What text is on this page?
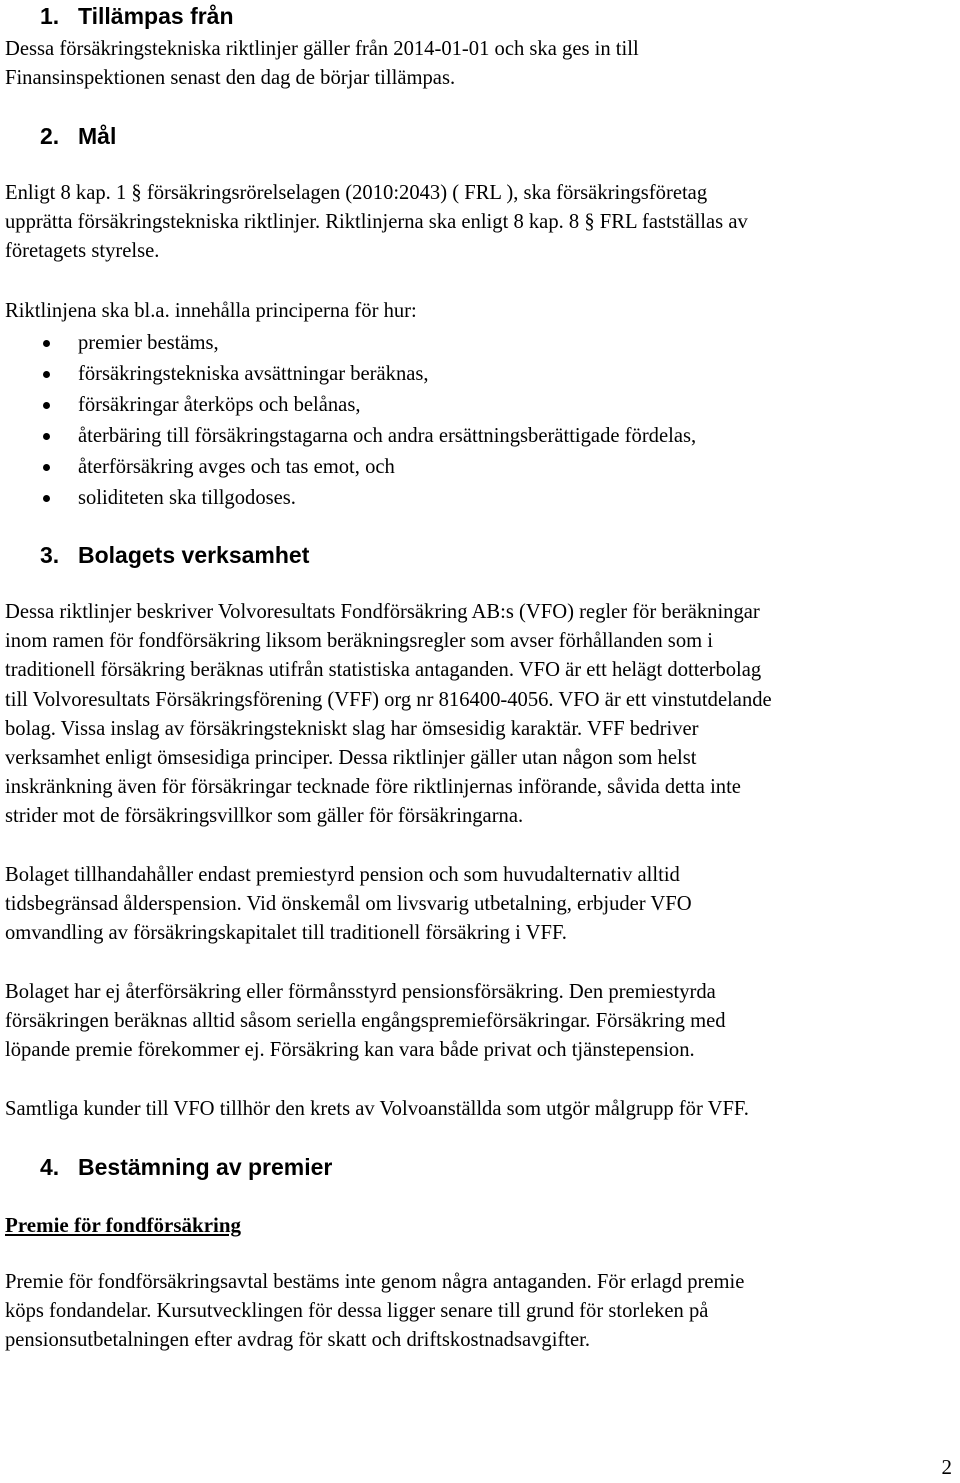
1. Tillämpas från

Dessa försäkringstekniska riktlinjer gäller från 2014-01-01 och ska ges in till
Finansinspektionen senast den dag de börjar tillämpas.

2. Mål

Enligt 8 kap. 1 § försäkringsrörelselagen (2010:2043) ( FRL ), ska försäkringsföretag
upprätta försäkringstekniska riktlinjer. Riktlinjerna ska enligt 8 kap. 8 § FRL fastställas av
företagets styrelse.

Riktlinjena ska bl.a. innehålla principerna för hur:

premier bestäms,
försäkringstekniska avsättningar beräknas,
försäkringar återköps och belånas,
återbäring till försäkringstagarna och andra ersättningsberättigade fördelas,
återförsäkring avges och tas emot, och
soliditeten ska tillgodoses.
3. Bolagets verksamhet

Dessa riktlinjer beskriver Volvoresultats Fondförsäkring AB:s (VFO) regler för beräkningar
inom ramen för fondförsäkring liksom beräkningsregler som avser förhållanden som i
traditionell försäkring beräknas utifrån statistiska antaganden. VFO är ett helägt dotterbolag
till Volvoresultats Försäkringsförening (VFF) org nr 816400-4056. VFO är ett vinstutdelande
bolag. Vissa inslag av försäkringstekniskt slag har ömsesidig karaktär. VFF bedriver
verksamhet enligt ömsesidiga principer. Dessa riktlinjer gäller utan någon som helst
inskränkning även för försäkringar tecknade före riktlinjernas införande, såvida detta inte
strider mot de försäkringsvillkor som gäller för försäkringarna.

Bolaget tillhandahåller endast premiestyrd pension och som huvudalternativ alltid
tidsbegränsad ålderspension. Vid önskemål om livsvarig utbetalning, erbjuder VFO
omvandling av försäkringskapitalet till traditionell försäkring i VFF.

Bolaget har ej återförsäkring eller förmånsstyrd pensionsförsäkring. Den premiestyrda
försäkringen beräknas alltid såsom seriella engångspremieförsäkringar. Försäkring med
löpande premie förekommer ej. Försäkring kan vara både privat och tjänstepension.

Samtliga kunder till VFO tillhör den krets av Volvoanställda som utgör målgrupp för VFF.

4. Bestämning av premier

Premie för fondförsäkring

Premie för fondförsäkringsavtal bestäms inte genom några antaganden. För erlagd premie
köps fondandelar. Kursutvecklingen för dessa ligger senare till grund för storleken på
pensionsutbetalningen efter avdrag för skatt och driftskostnadsavgifter.

2
